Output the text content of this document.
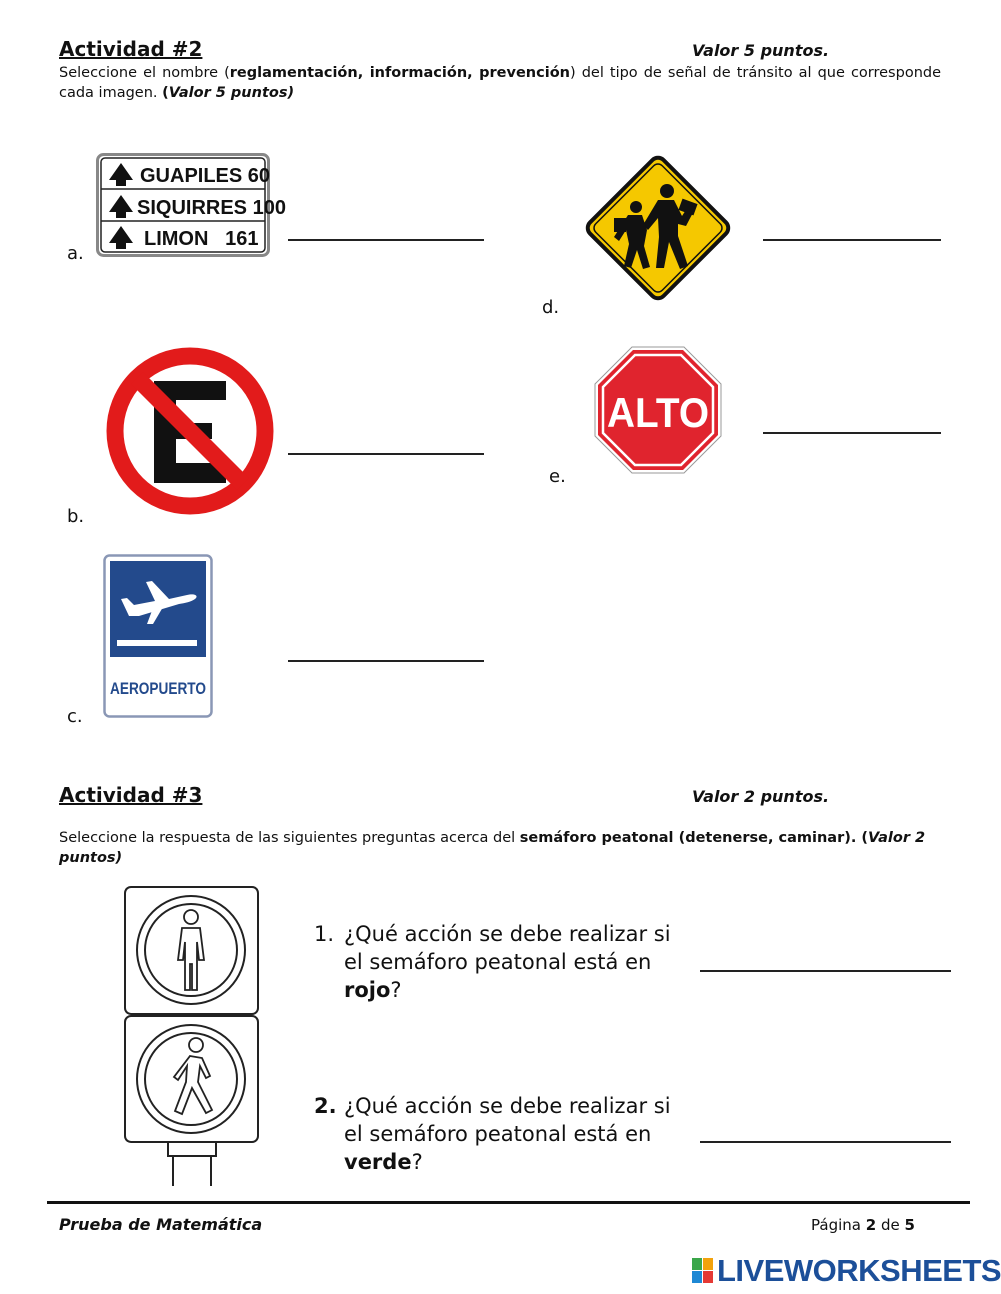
Actividad #2	Valor 5 puntos.
Seleccione el nombre (reglamentación, información, prevención) del tipo de señal de tránsito al que corresponde cada imagen. (Valor 5 puntos)
GUAPILES 60
SIQUIRRES 100
LIMON   161
a.
E
b.
AEROPUERTO
c.
d.
ALTO
e.
Actividad #3	Valor 2 puntos.
Seleccione la respuesta de las siguientes preguntas acerca del semáforo peatonal (detenerse, caminar). (Valor 2 puntos)
1. ¿Qué acción se debe realizar si el semáforo peatonal está en rojo?
2. ¿Qué acción se debe realizar si el semáforo peatonal está en verde?
Prueba de Matemática	Página 2 de 5
LIVEWORKSHEETS
